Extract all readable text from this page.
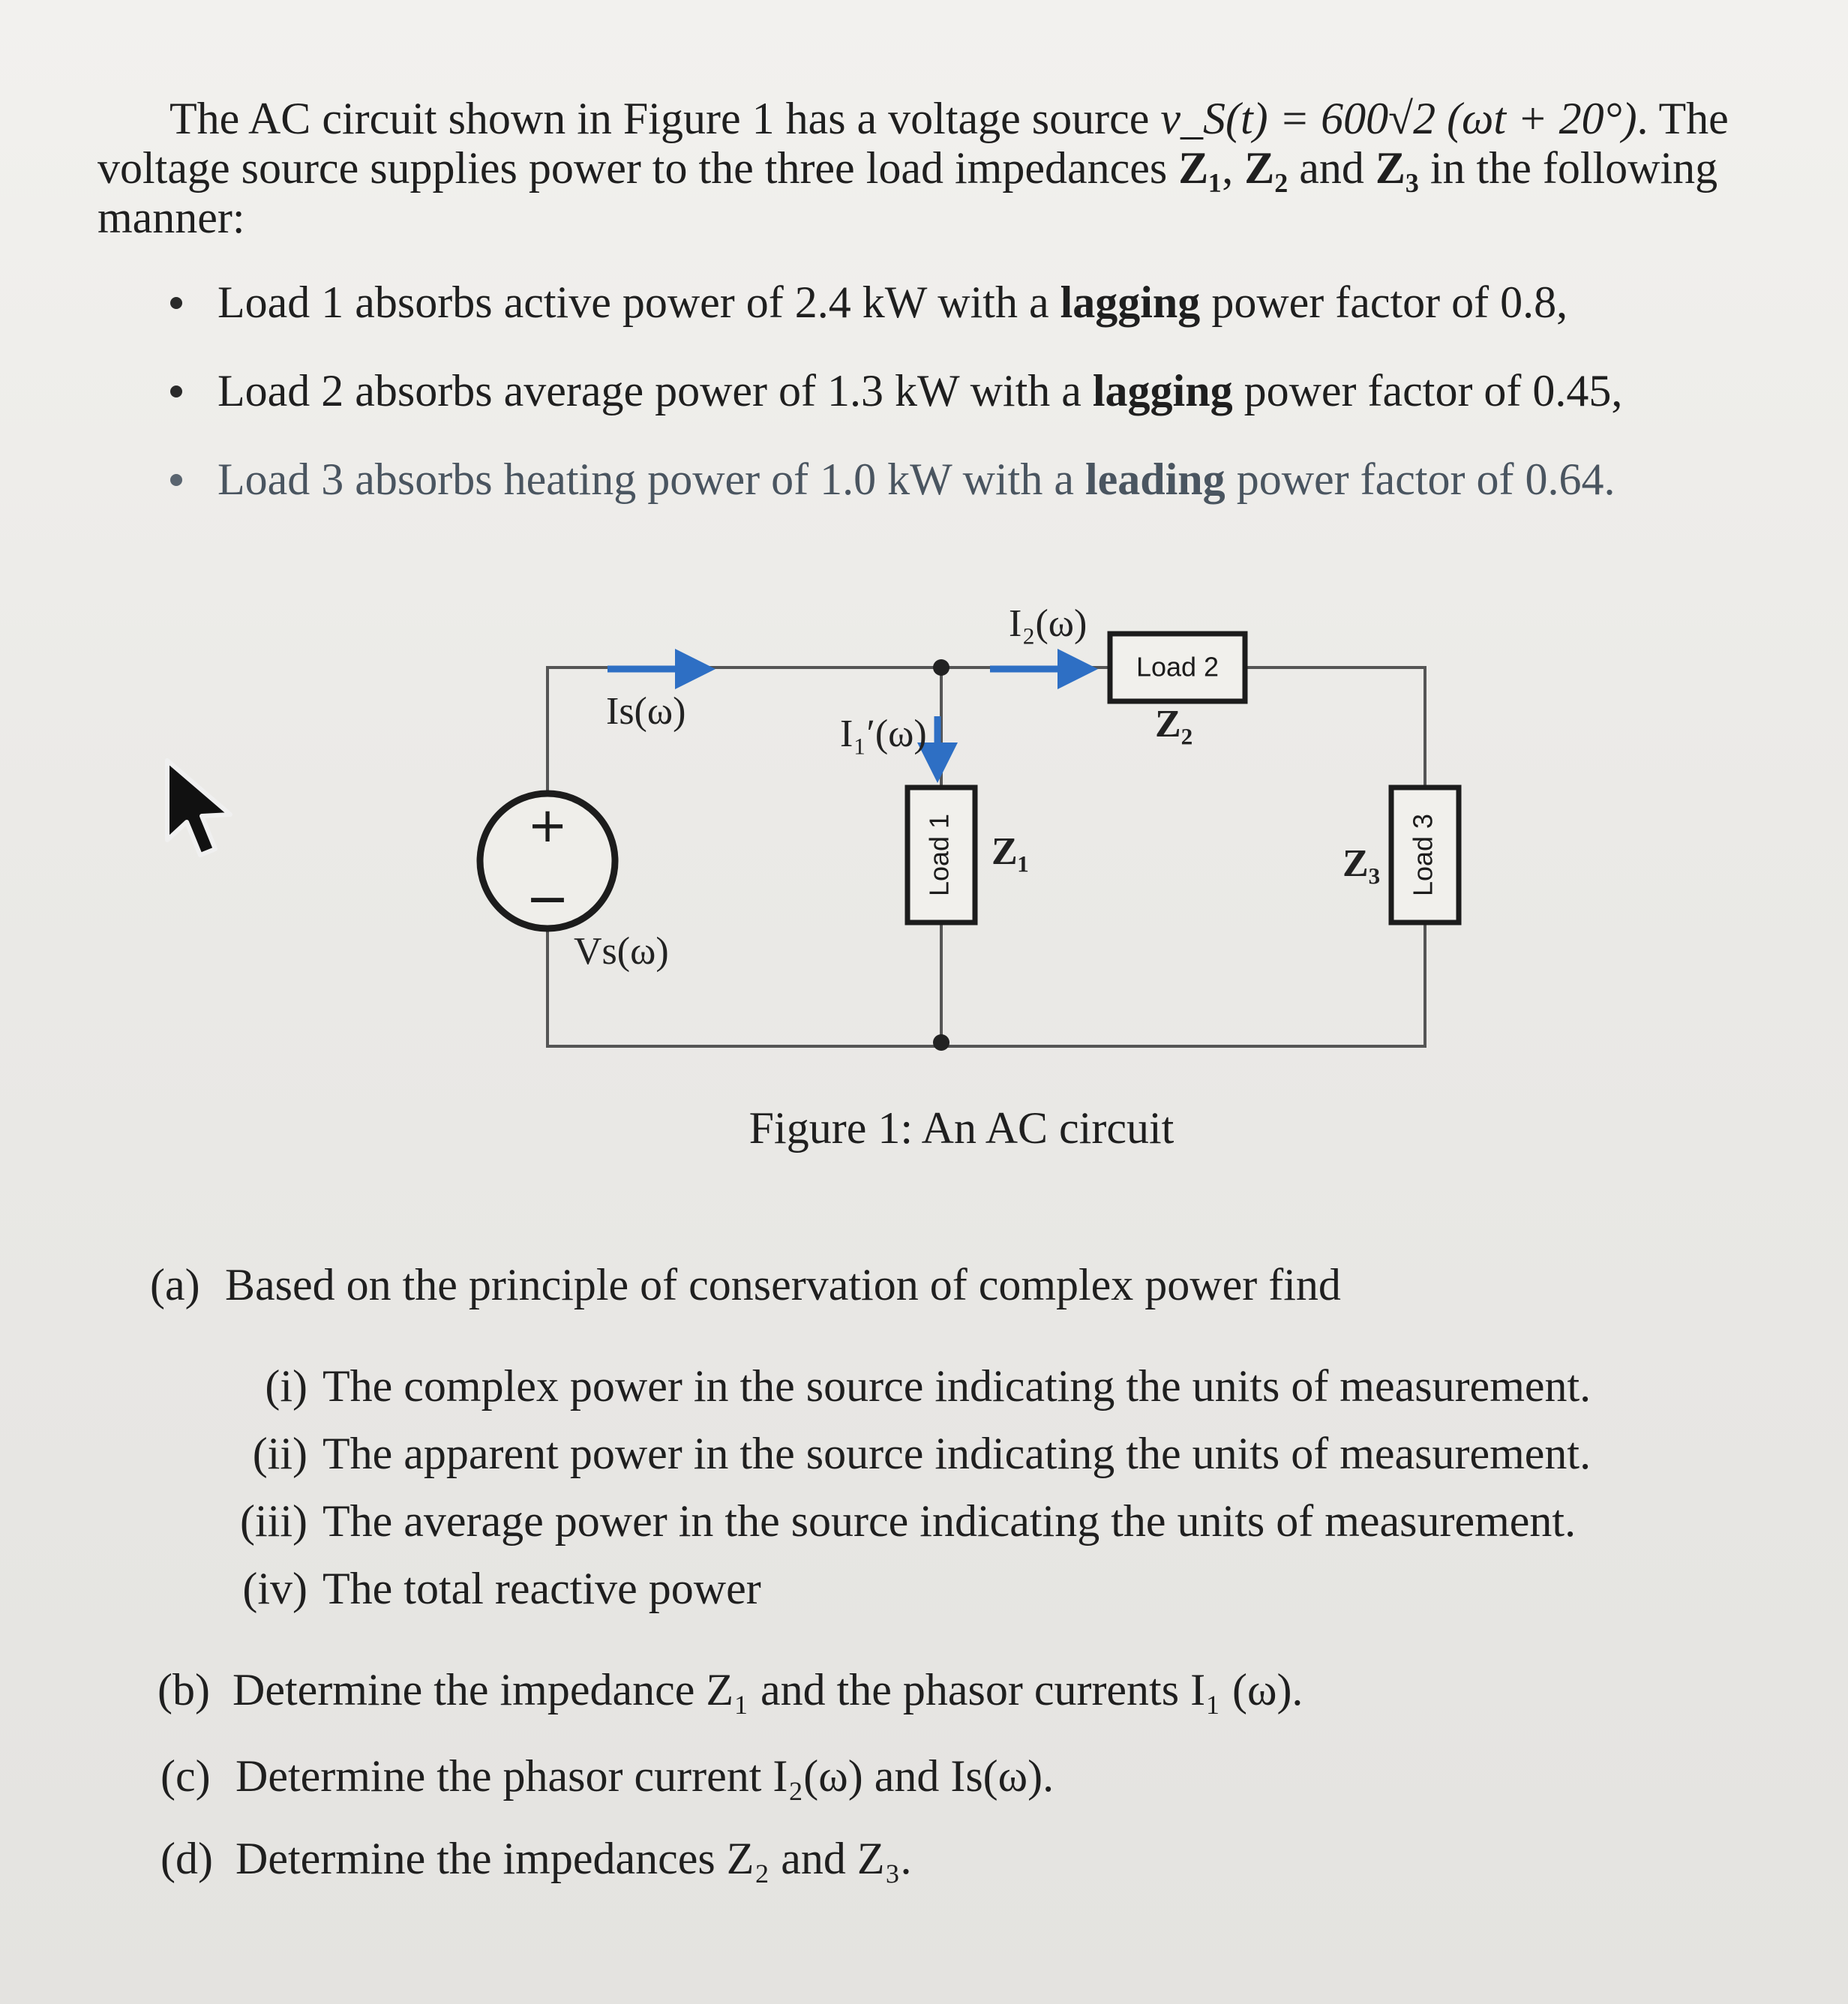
The AC circuit shown in Figure 1 has a voltage source v_S(t) = 600√2 (ωt + 20°). The voltage source supplies power to the three load impedances Z₁, Z₂ and Z₃ in the following manner:

Load 1 absorbs active power of 2.4 kW with a lagging power factor of 0.8,
Load 2 absorbs average power of 1.3 kW with a lagging power factor of 0.45,
Load 3 absorbs heating power of 1.0 kW with a leading power factor of 0.64.
+
−
Vs(ω)
Is(ω)
I₁′(ω)
I₂(ω)
Load 1 Z₁
Load 2
Z₂
Load 3
Z₃
Figure 1: An AC circuit
(a) Based on the principle of conservation of complex power find
(i) The complex power in the source indicating the units of measurement.
(ii) The apparent power in the source indicating the units of measurement.
(iii) The average power in the source indicating the units of measurement.
(iv) The total reactive power
(b) Determine the impedance Z₁ and the phasor currents I₁ (ω).
(c) Determine the phasor current I₂(ω) and Is(ω).
(d) Determine the impedances Z₂ and Z₃.
